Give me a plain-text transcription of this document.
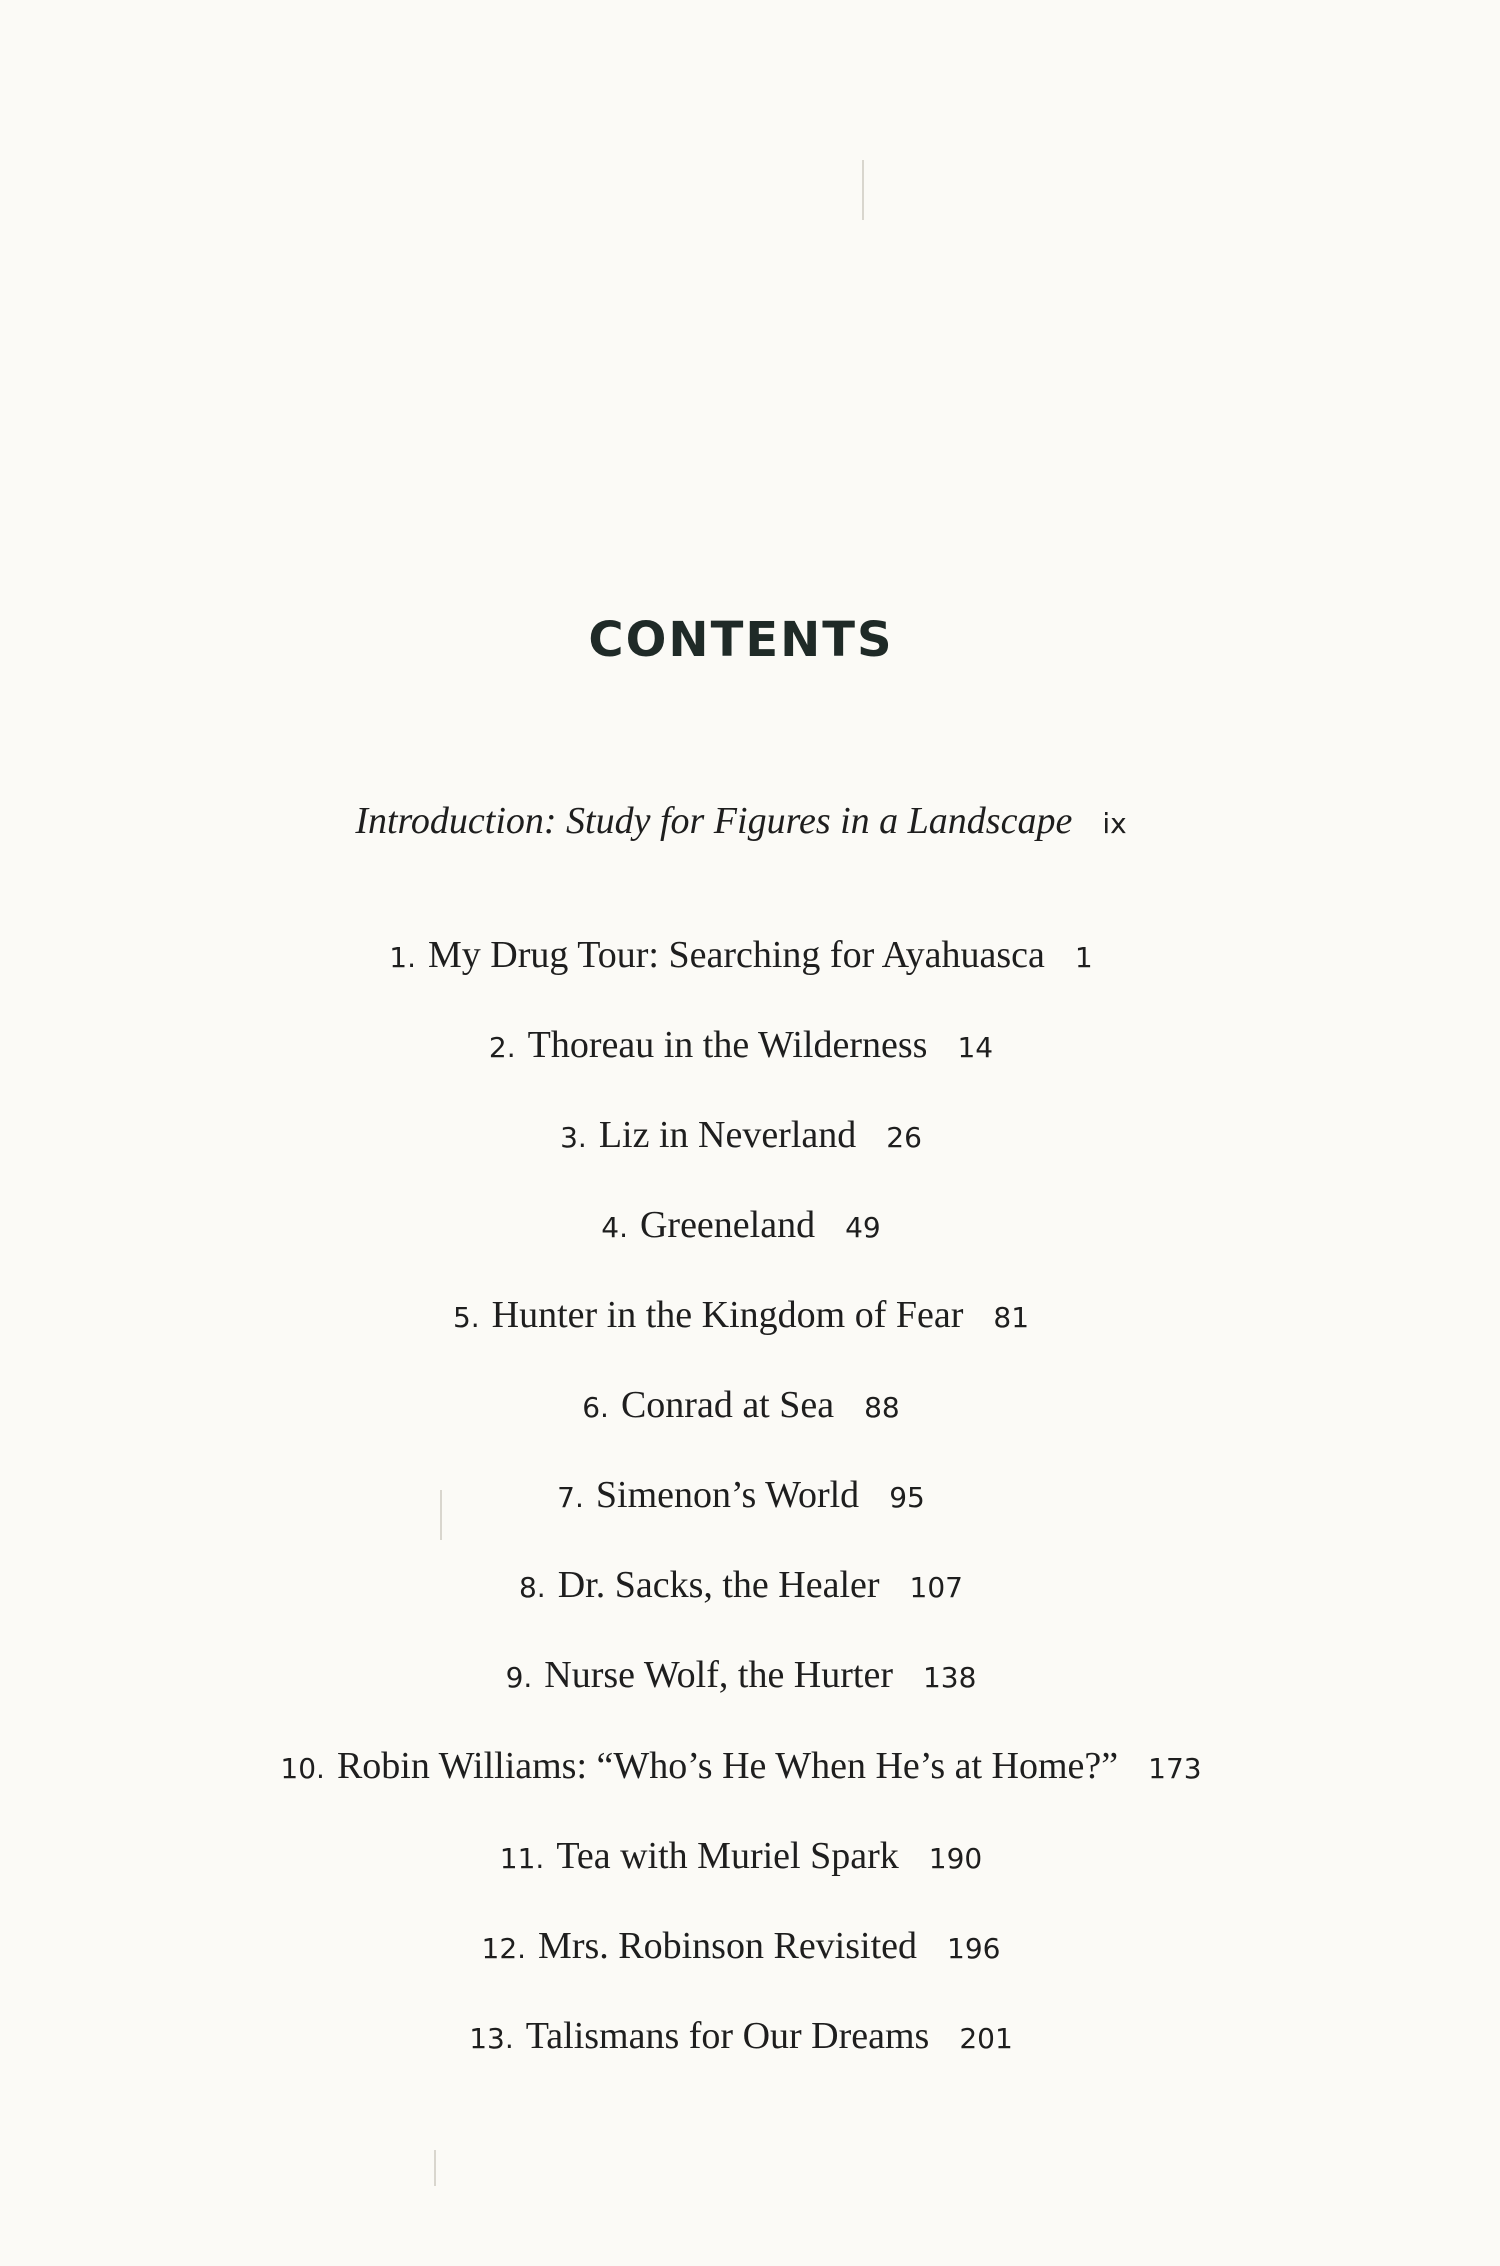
CONTENTS
Introduction: Study for Figures in a Landscape ix
1. My Drug Tour: Searching for Ayahuasca 1
2. Thoreau in the Wilderness 14
3. Liz in Neverland 26
4. Greeneland 49
5. Hunter in the Kingdom of Fear 81
6. Conrad at Sea 88
7. Simenon’s World 95
8. Dr. Sacks, the Healer 107
9. Nurse Wolf, the Hurter 138
10. Robin Williams: “Who’s He When He’s at Home?” 173
11. Tea with Muriel Spark 190
12. Mrs. Robinson Revisited 196
13. Talismans for Our Dreams 201
